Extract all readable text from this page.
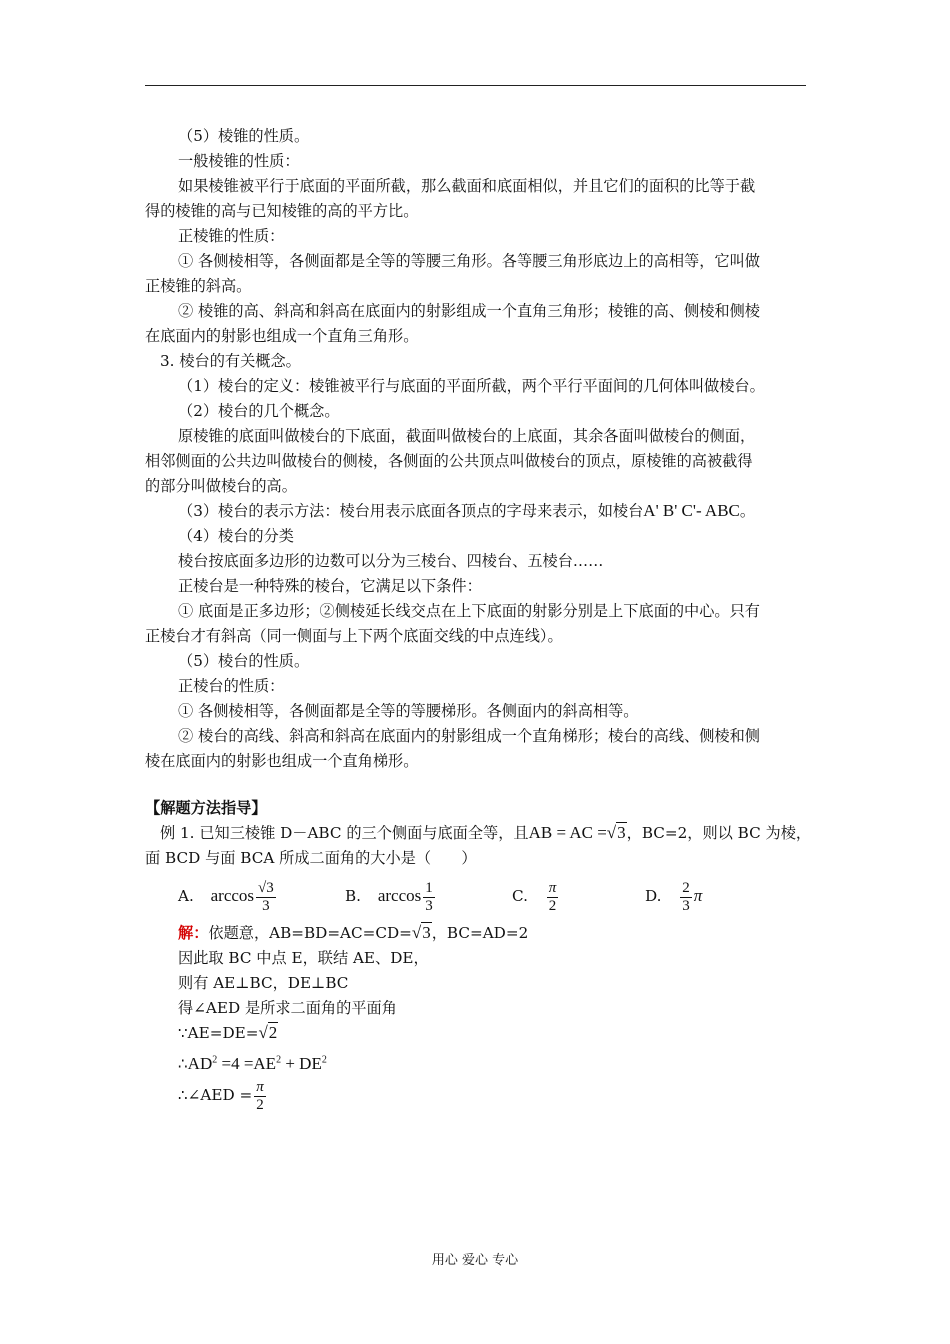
（5）棱锥的性质。
一般棱锥的性质：
如果棱锥被平行于底面的平面所截，那么截面和底面相似，并且它们的面积的比等于截
得的棱锥的高与已知棱锥的高的平方比。
正棱锥的性质：
① 各侧棱相等，各侧面都是全等的等腰三角形。各等腰三角形底边上的高相等，它叫做
正棱锥的斜高。
② 棱锥的高、斜高和斜高在底面内的射影组成一个直角三角形；棱锥的高、侧棱和侧棱
在底面内的射影也组成一个直角三角形。
3. 棱台的有关概念。
（1）棱台的定义：棱锥被平行与底面的平面所截，两个平行平面间的几何体叫做棱台。
（2）棱台的几个概念。
原棱锥的底面叫做棱台的下底面，截面叫做棱台的上底面，其余各面叫做棱台的侧面，
相邻侧面的公共边叫做棱台的侧棱，各侧面的公共顶点叫做棱台的顶点，原棱锥的高被截得
的部分叫做棱台的高。
（3）棱台的表示方法：棱台用表示底面各顶点的字母来表示，如棱台A' B' C'- ABC。
（4）棱台的分类
棱台按底面多边形的边数可以分为三棱台、四棱台、五棱台……
正棱台是一种特殊的棱台，它满足以下条件：
① 底面是正多边形；②侧棱延长线交点在上下底面的射影分别是上下底面的中心。只有
正棱台才有斜高（同一侧面与上下两个底面交线的中点连线）。
（5）棱台的性质。
正棱台的性质：
① 各侧棱相等，各侧面都是全等的等腰梯形。各侧面内的斜高相等。
② 棱台的高线、斜高和斜高在底面内的射影组成一个直角梯形；棱台的高线、侧棱和侧
棱在底面内的射影也组成一个直角梯形。
【解题方法指导】
例 1. 已知三棱锥 D－ABC 的三个侧面与底面全等，且AB = AC =√3，BC=2，则以 BC 为棱，
面 BCD 与面 BCA 所成二面角的大小是（　　）
A. $\arccos \frac{√3}{3}$	B. $\arccos \frac{1}{3}$	C. $\frac{\pi}{2}$	D. $\frac{2}{3}$ π
解：依题意，AB=BD=AC=CD=√3，BC=AD=2
因此取 BC 中点 E，联结 AE、DE，
则有 AE⊥BC，DE⊥BC
得∠AED 是所求二面角的平面角
∵AE=DE=√2
$\therefore AD^2 =4 =AE^2 + DE^2$
∴∠AED = $\frac{\pi}{2}$
用心 爱心 专心
